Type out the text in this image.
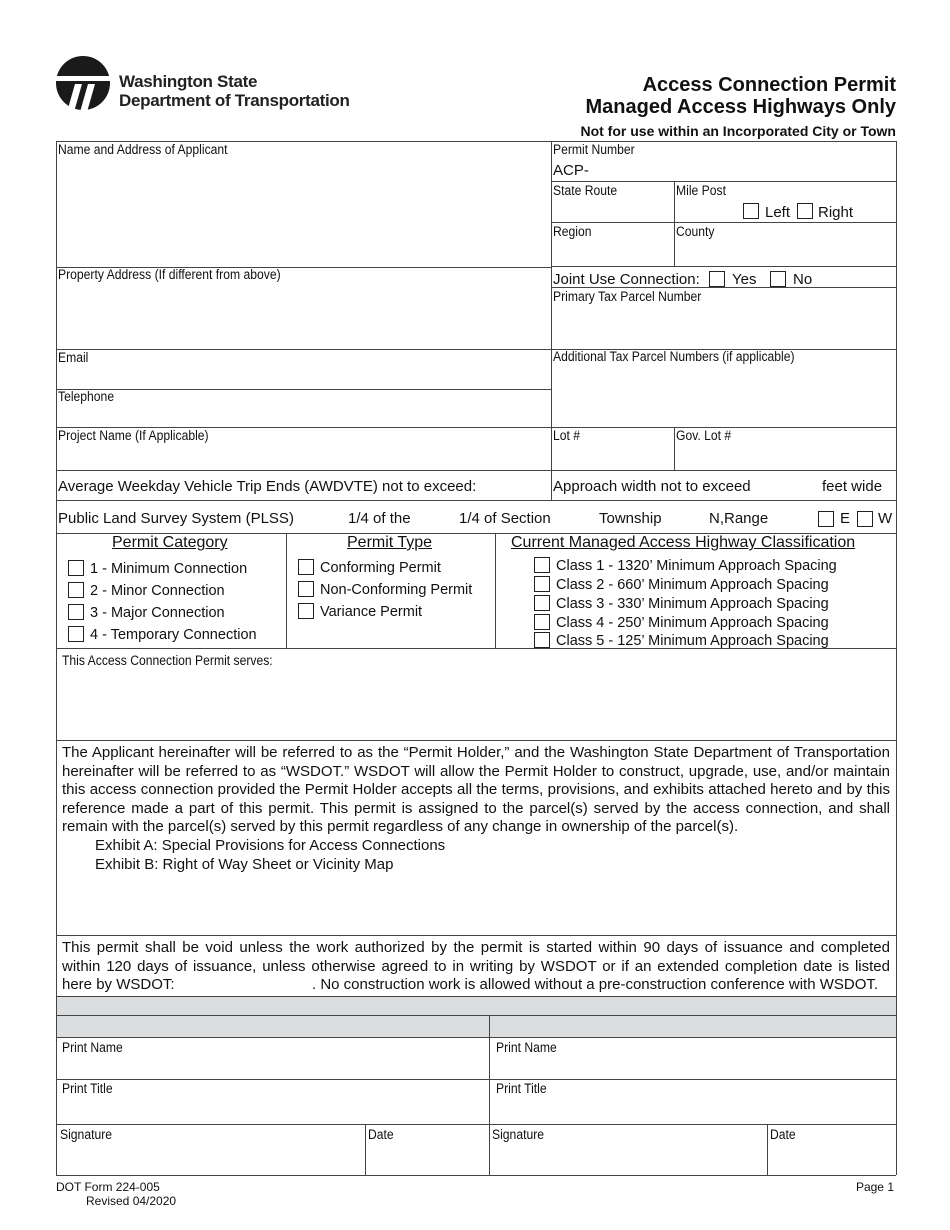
Washington State
Department of Transportation
Access Connection Permit
Managed Access Highways Only
Not for use within an Incorporated City or Town
Name and Address of Applicant
Property Address (If different from above)
Email
Telephone
Project Name (If Applicable)
Average Weekday Vehicle Trip Ends (AWDVTE) not to exceed:
Permit Number
ACP-
State Route	Mile Post
Left Right
Region	County
Joint Use Connection: Yes No
Primary Tax Parcel Number
Additional Tax Parcel Numbers (if applicable)
Lot #	Gov. Lot #
Approach width not to exceed	feet wide
Public Land Survey System (PLSS)	1/4 of the	1/4 of Section	Township	N,Range	E W
Permit Category
1 - Minimum Connection
2 - Minor Connection
3 - Major Connection
4 - Temporary Connection
Permit Type
Conforming Permit
Non-Conforming Permit
Variance Permit
Current Managed Access Highway Classification
Class 1 - 1320’ Minimum Approach Spacing
Class 2 - 660’ Minimum Approach Spacing
Class 3 - 330’ Minimum Approach Spacing
Class 4 - 250’ Minimum Approach Spacing
Class 5 - 125’ Minimum Approach Spacing
This Access Connection Permit serves:
The Applicant hereinafter will be referred to as the “Permit Holder,” and the Washington State Department of Transportation hereinafter will be referred to as “WSDOT.” WSDOT will allow the Permit Holder to construct, upgrade, use, and/or maintain this access connection provided the Permit Holder accepts all the terms, provisions, and exhibits attached hereto and by this reference made a part of this permit. This permit is assigned to the parcel(s) served by the access connection, and shall remain with the parcel(s) served by this permit regardless of any change in ownership of the parcel(s).
Exhibit A: Special Provisions for Access Connections
Exhibit B: Right of Way Sheet or Vicinity Map
This permit shall be void unless the work authorized by the permit is started within 90 days of issuance and completed
within 120 days of issuance, unless otherwise agreed to in writing by WSDOT or if an extended completion date is listed
here by WSDOT:	. No construction work is allowed without a pre-construction conference with WSDOT.
Print Name	Print Name
Print Title	Print Title
Signature	Date	Signature	Date
DOT Form 224-005
Revised 04/2020
Page 1
